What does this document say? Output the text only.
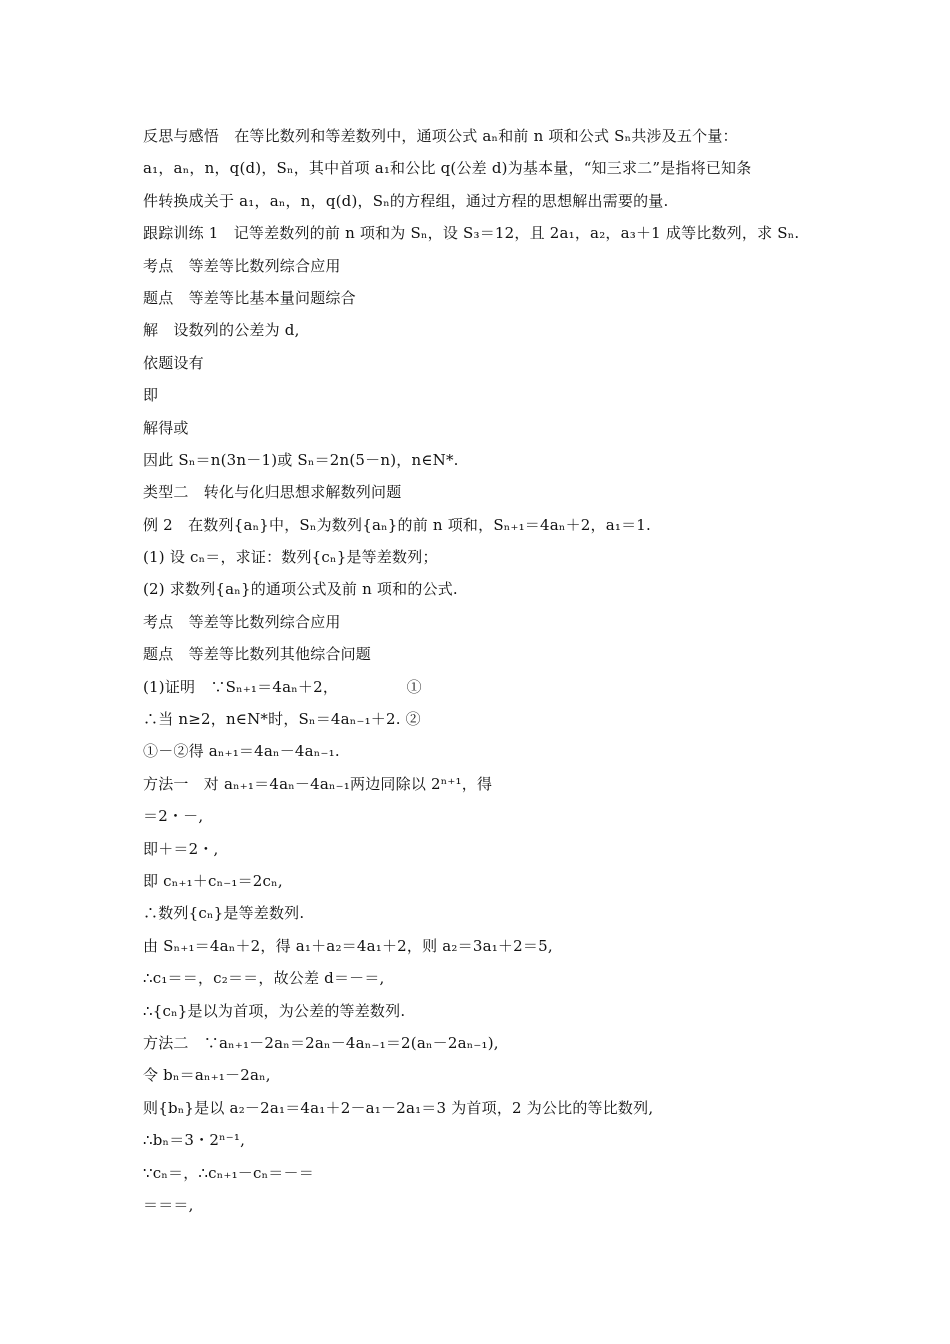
反思与感悟　在等比数列和等差数列中，通项公式 aₙ和前 n 项和公式 Sₙ共涉及五个量：
a₁，aₙ，n，q(d)，Sₙ，其中首项 a₁和公比 q(公差 d)为基本量，“知三求二”是指将已知条
件转换成关于 a₁，aₙ，n，q(d)，Sₙ的方程组，通过方程的思想解出需要的量.
跟踪训练 1　记等差数列的前 n 项和为 Sₙ，设 S₃＝12，且 2a₁，a₂，a₃＋1 成等比数列，求 Sₙ.
考点　等差等比数列综合应用
题点　等差等比基本量问题综合
解　设数列的公差为 d,
依题设有
即
解得或
因此 Sₙ＝n(3n－1)或 Sₙ＝2n(5－n)，n∈N*.
类型二　转化与化归思想求解数列问题
例 2　在数列{aₙ}中，Sₙ为数列{aₙ}的前 n 项和，Sₙ₊₁＝4aₙ＋2，a₁＝1.
(1) 设 cₙ＝，求证：数列{cₙ}是等差数列；
(2) 求数列{aₙ}的通项公式及前 n 项和的公式.
考点　等差等比数列综合应用
题点　等差等比数列其他综合问题
(1)证明　∵Sₙ₊₁＝4aₙ＋2，　　　　　①
∴当 n≥2，n∈N*时，Sₙ＝4aₙ₋₁＋2. ②
①－②得 aₙ₊₁＝4aₙ－4aₙ₋₁.
方法一　对 aₙ₊₁＝4aₙ－4aₙ₋₁两边同除以 2ⁿ⁺¹，得
＝2・－,
即＋＝2・,
即 cₙ₊₁＋cₙ₋₁＝2cₙ,
∴数列{cₙ}是等差数列.
由 Sₙ₊₁＝4aₙ＋2，得 a₁＋a₂＝4a₁＋2，则 a₂＝3a₁＋2＝5,
∴c₁＝＝，c₂＝＝，故公差 d＝－＝,
∴{cₙ}是以为首项，为公差的等差数列.
方法二　∵aₙ₊₁－2aₙ＝2aₙ－4aₙ₋₁＝2(aₙ－2aₙ₋₁),
令 bₙ＝aₙ₊₁－2aₙ,
则{bₙ}是以 a₂－2a₁＝4a₁＋2－a₁－2a₁＝3 为首项，2 为公比的等比数列,
∴bₙ＝3・2ⁿ⁻¹,
∵cₙ＝，∴cₙ₊₁－cₙ＝－＝
＝＝＝,
